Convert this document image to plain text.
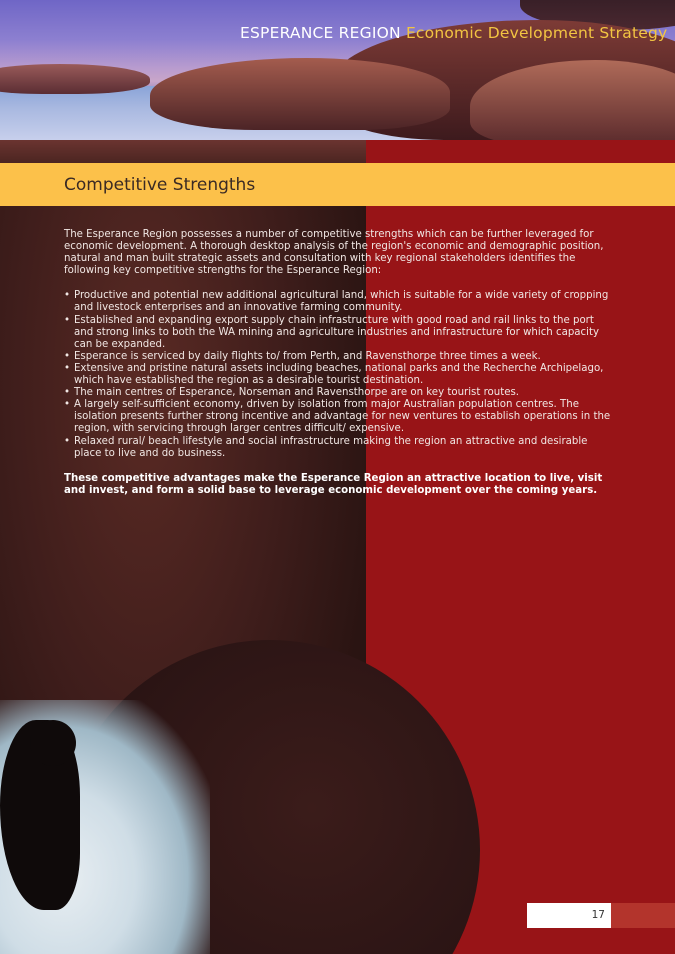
ESPERANCE REGION Economic Development Strategy
Competitive Strengths

The Esperance Region possesses a number of competitive strengths which can be further leveraged for economic development. A thorough desktop analysis of the region's economic and demographic position, natural and man built strategic assets and consultation with key regional stakeholders identifies the following key competitive strengths for the Esperance Region:

• Productive and potential new additional agricultural land, which is suitable for a wide variety of cropping and livestock enterprises and an innovative farming community.
• Established and expanding export supply chain infrastructure with good road and rail links to the port and strong links to both the WA mining and agriculture industries and infrastructure for which capacity can be expanded.
• Esperance is serviced by daily flights to/ from Perth, and Ravensthorpe three times a week.
• Extensive and pristine natural assets including beaches, national parks and the Recherche Archipelago, which have established the region as a desirable tourist destination.
• The main centres of Esperance, Norseman and Ravensthorpe are on key tourist routes.
• A largely self-sufficient economy, driven by isolation from major Australian population centres. The isolation presents further strong incentive and advantage for new ventures to establish operations in the region, with servicing through larger centres difficult/ expensive.
• Relaxed rural/ beach lifestyle and social infrastructure making the region an attractive and desirable place to live and do business.

These competitive advantages make the Esperance Region an attractive location to live, visit and invest, and form a solid base to leverage economic development over the coming years.

17
